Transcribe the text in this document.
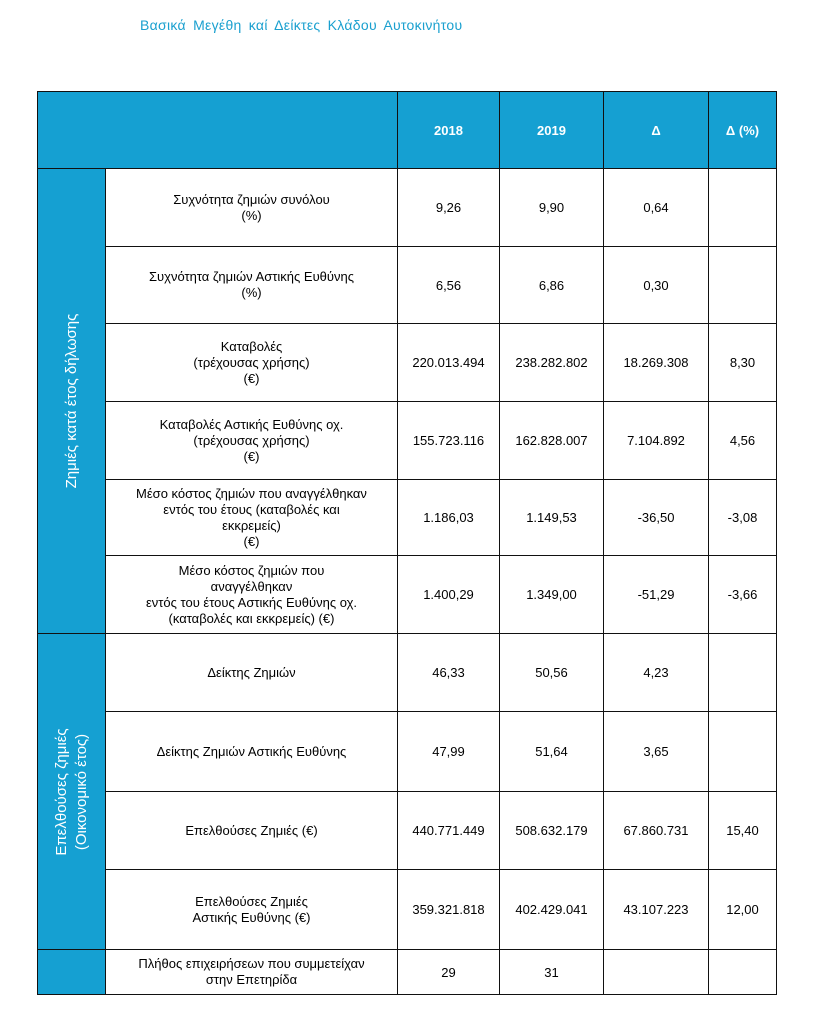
Βασικά Μεγέθη καί Δείκτες Κλάδου Αυτοκινήτου
		2018	2019	Δ	Δ (%)

Ζημιές κατά έτος δήλωσης	Συχνότητα ζημιών συνόλου
(%)	9,26	9,90	0,64	

	Συχνότητα ζημιών Αστικής Ευθύνης
(%)	6,56	6,86	0,30	

	Καταβολές
(τρέχουσας χρήσης)
(€)	220.013.494	238.282.802	18.269.308	8,30

	Καταβολές Αστικής Ευθύνης οχ.
(τρέχουσας χρήσης)
(€)	155.723.116	162.828.007	7.104.892	4,56

	Μέσο κόστος ζημιών που αναγγέλθηκαν
εντός του έτους (καταβολές και
εκκρεμείς)
(€)	1.186,03	1.149,53	-36,50	-3,08

	Μέσο κόστος ζημιών που
αναγγέλθηκαν
εντός του έτους Αστικής Ευθύνης οχ.
(καταβολές και εκκρεμείς) (€)	1.400,29	1.349,00	-51,29	-3,66

Επελθούσες ζημιές (Οικονομικό έτος)	Δείκτης Ζημιών	46,33	50,56	4,23	

	Δείκτης Ζημιών Αστικής Ευθύνης	47,99	51,64	3,65	

	Επελθούσες Ζημιές (€)	440.771.449	508.632.179	67.860.731	15,40

	Επελθούσες Ζημιές
Αστικής Ευθύνης (€)	359.321.818	402.429.041	43.107.223	12,00

	Πλήθος επιχειρήσεων που συμμετείχαν
στην Επετηρίδα	29	31		
